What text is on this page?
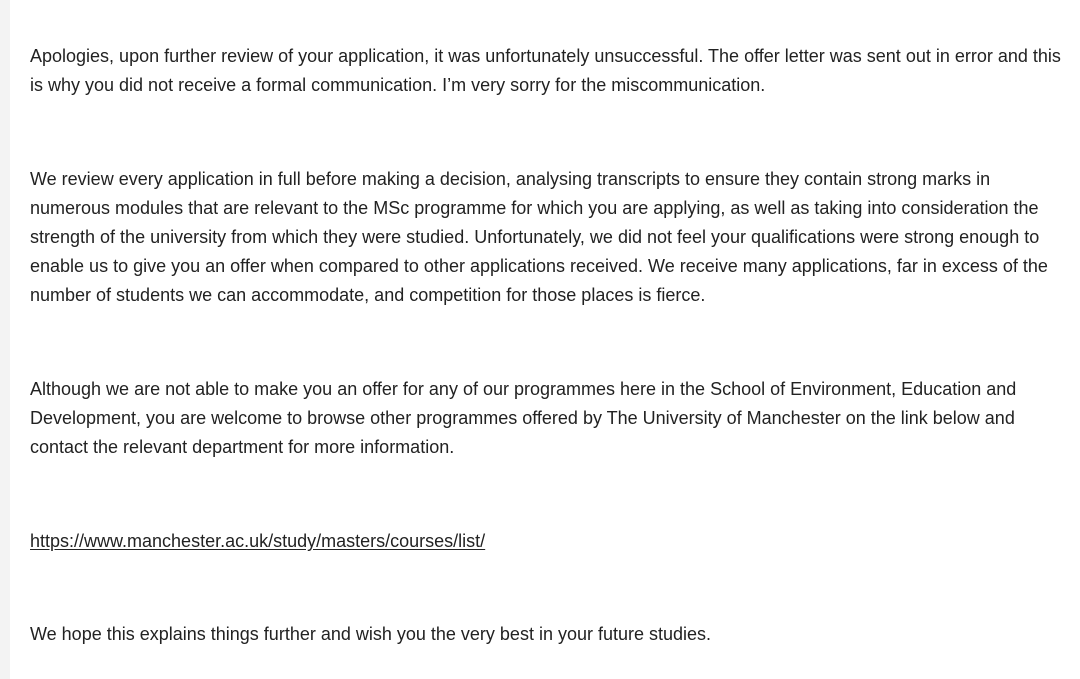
Apologies, upon further review of your application, it was unfortunately unsuccessful. The offer letter was sent out in error and this
is why you did not receive a formal communication. I’m very sorry for the miscommunication.
We review every application in full before making a decision, analysing transcripts to ensure they contain strong marks in
numerous modules that are relevant to the MSc programme for which you are applying, as well as taking into consideration the
strength of the university from which they were studied. Unfortunately, we did not feel your qualifications were strong enough to
enable us to give you an offer when compared to other applications received. We receive many applications, far in excess of the
number of students we can accommodate, and competition for those places is fierce.
Although we are not able to make you an offer for any of our programmes here in the School of Environment, Education and
Development, you are welcome to browse other programmes offered by The University of Manchester on the link below and
contact the relevant department for more information.
https://www.manchester.ac.uk/study/masters/courses/list/
We hope this explains things further and wish you the very best in your future studies.
